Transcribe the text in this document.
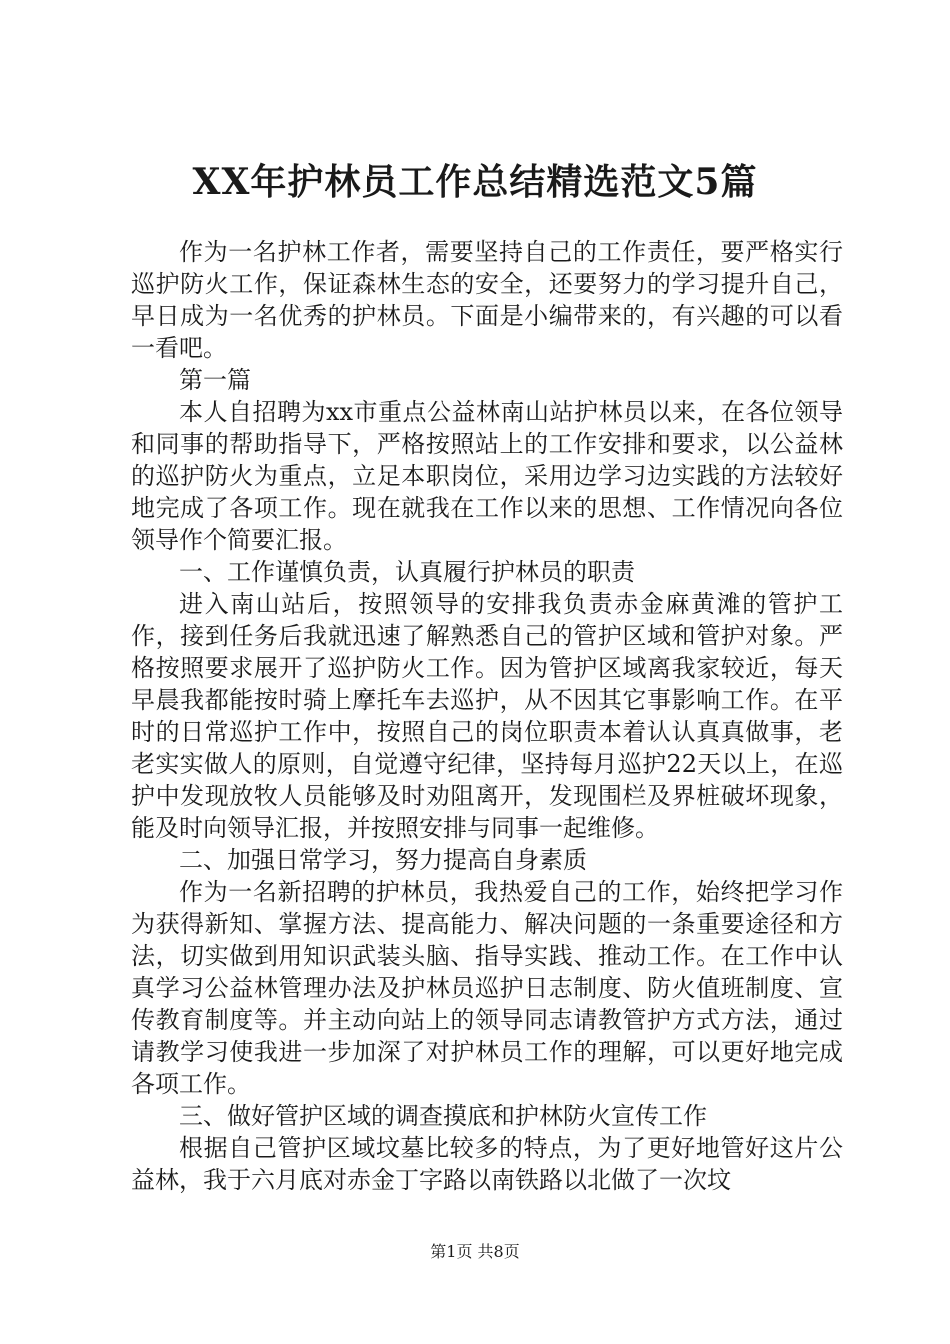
XX年护林员工作总结精选范文5篇

作为一名护林工作者，需要坚持自己的工作责任，要严格实行巡护防火工作，保证森林生态的安全，还要努力的学习提升自己，早日成为一名优秀的护林员。下面是小编带来的，有兴趣的可以看一看吧。

第一篇

本人自招聘为xx市重点公益林南山站护林员以来，在各位领导和同事的帮助指导下，严格按照站上的工作安排和要求，以公益林的巡护防火为重点，立足本职岗位，采用边学习边实践的方法较好地完成了各项工作。现在就我在工作以来的思想、工作情况向各位领导作个简要汇报。

一、工作谨慎负责，认真履行护林员的职责

进入南山站后，按照领导的安排我负责赤金麻黄滩的管护工作，接到任务后我就迅速了解熟悉自己的管护区域和管护对象。严格按照要求展开了巡护防火工作。因为管护区域离我家较近，每天早晨我都能按时骑上摩托车去巡护，从不因其它事影响工作。在平时的日常巡护工作中，按照自己的岗位职责本着认认真真做事，老老实实做人的原则，自觉遵守纪律，坚持每月巡护22天以上，在巡护中发现放牧人员能够及时劝阻离开，发现围栏及界桩破坏现象，能及时向领导汇报，并按照安排与同事一起维修。

二、加强日常学习，努力提高自身素质

作为一名新招聘的护林员，我热爱自己的工作，始终把学习作为获得新知、掌握方法、提高能力、解决问题的一条重要途径和方法，切实做到用知识武装头脑、指导实践、推动工作。在工作中认真学习公益林管理办法及护林员巡护日志制度、防火值班制度、宣传教育制度等。并主动向站上的领导同志请教管护方式方法，通过请教学习使我进一步加深了对护林员工作的理解，可以更好地完成各项工作。

三、做好管护区域的调查摸底和护林防火宣传工作

根据自己管护区域坟墓比较多的特点，为了更好地管好这片公益林，我于六月底对赤金丁字路以南铁路以北做了一次坟

第1页 共8页
